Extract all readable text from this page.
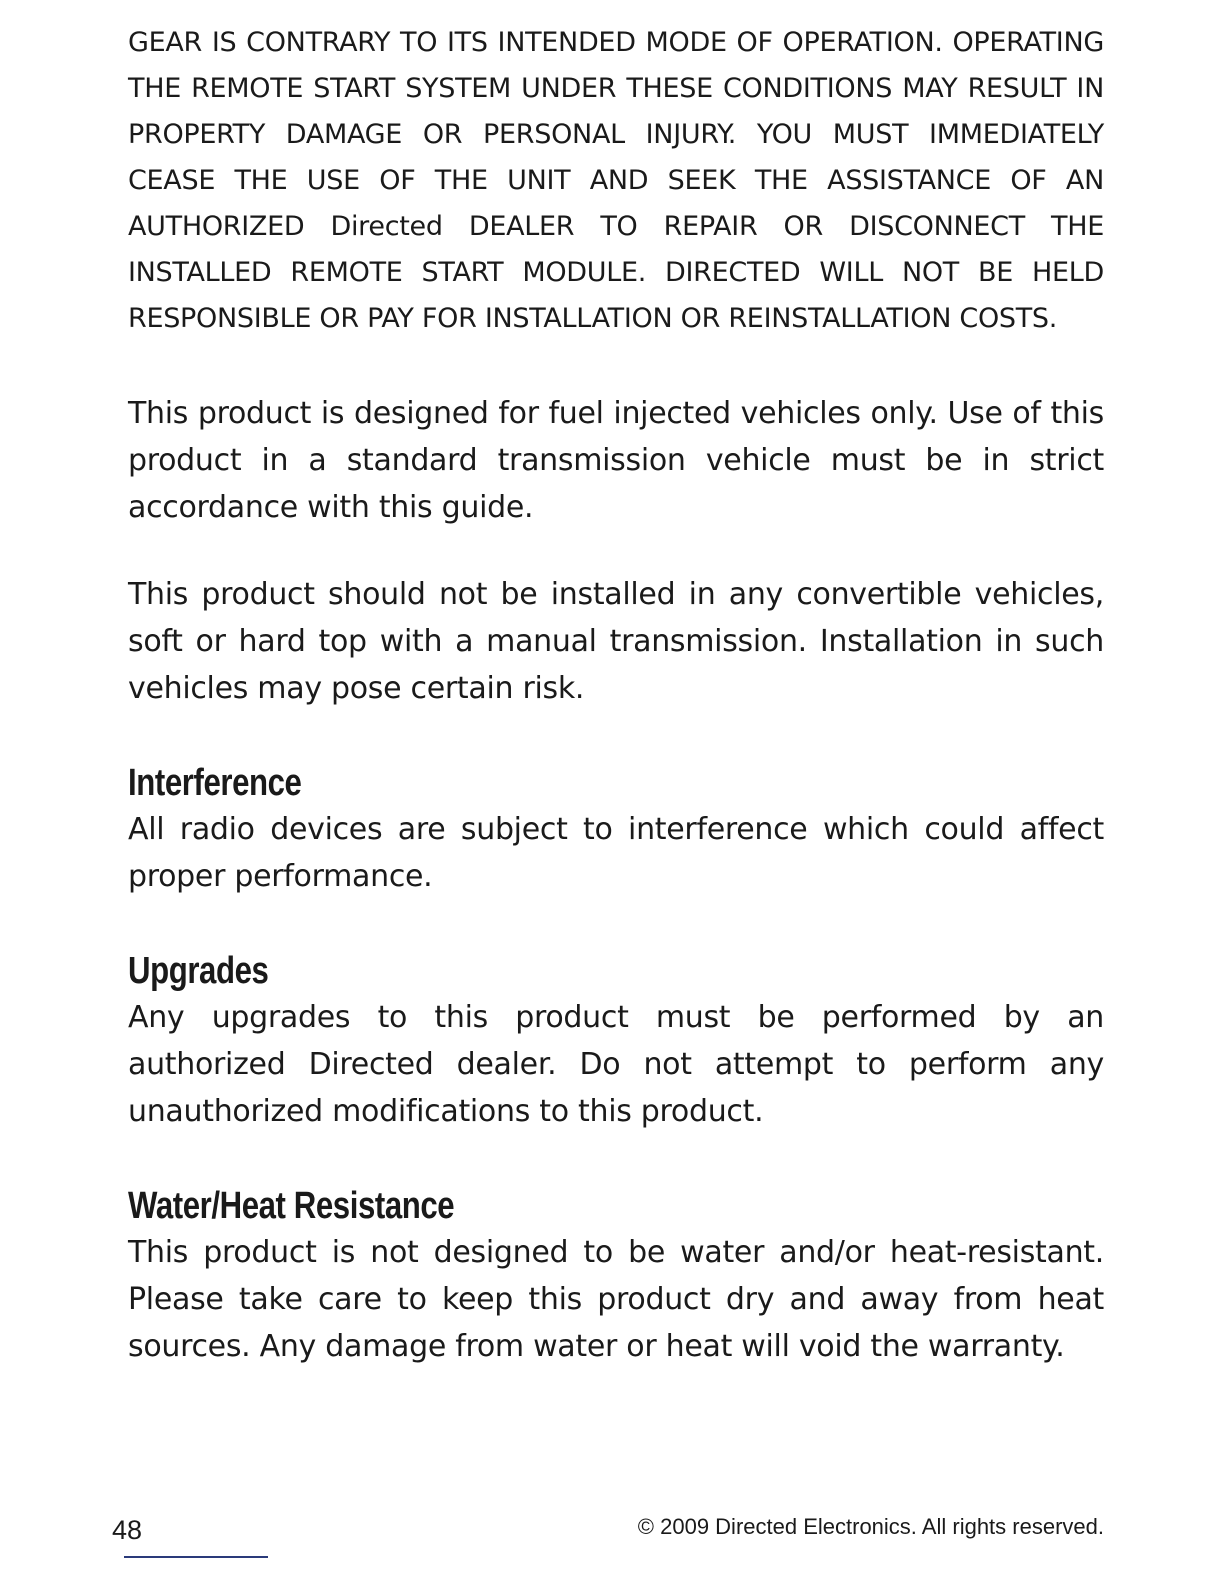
GEAR IS CONTRARY TO ITS INTENDED MODE OF OPERATION. OPERATING THE REMOTE START SYSTEM UNDER THESE CONDITIONS MAY RESULT IN PROPERTY DAMAGE OR PERSONAL INJURY. YOU MUST IMMEDIATELY CEASE THE USE OF THE UNIT AND SEEK THE ASSISTANCE OF AN AUTHORIZED Directed DEALER TO REPAIR OR DISCONNECT THE INSTALLED REMOTE START MODULE. DIRECTED WILL NOT BE HELD RESPONSIBLE OR PAY FOR INSTALLATION OR REINSTALLATION COSTS.

This product is designed for fuel injected vehicles only. Use of this product in a standard transmission vehicle must be in strict accordance with this guide.

This product should not be installed in any convertible vehicles, soft or hard top with a manual transmission. Installation in such vehicles may pose certain risk.

Interference

All radio devices are subject to interference which could affect proper performance.

Upgrades

Any upgrades to this product must be performed by an authorized Directed dealer. Do not attempt to perform any unauthorized modifications to this product.

Water/Heat Resistance

This product is not designed to be water and/or heat-resistant. Please take care to keep this product dry and away from heat sources. Any damage from water or heat will void the warranty.

48	© 2009 Directed Electronics. All rights reserved.
